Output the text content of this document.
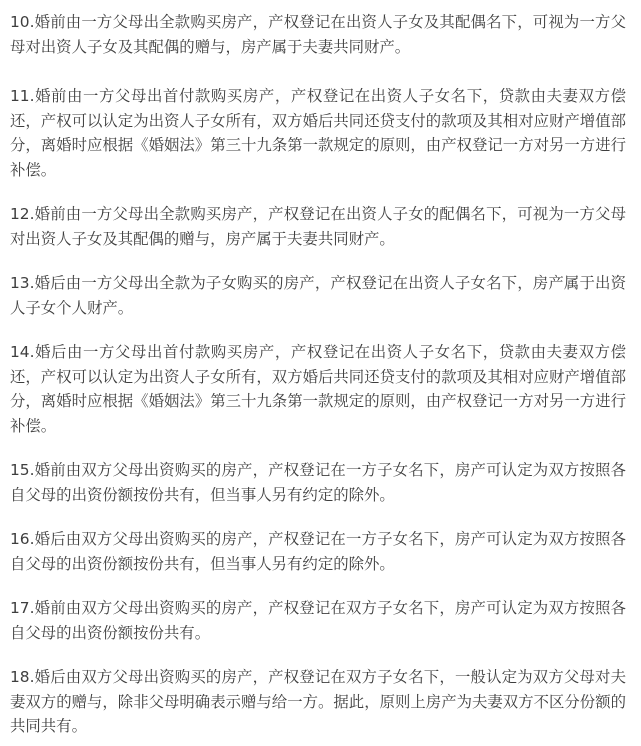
10.婚前由一方父母出全款购买房产，产权登记在出资人子女及其配偶名下，可视为一方父母对出资人子女及其配偶的赠与，房产属于夫妻共同财产。

11.婚前由一方父母出首付款购买房产，产权登记在出资人子女名下，贷款由夫妻双方偿还，产权可以认定为出资人子女所有，双方婚后共同还贷支付的款项及其相对应财产增值部分，离婚时应根据《婚姻法》第三十九条第一款规定的原则，由产权登记一方对另一方进行补偿。

12.婚前由一方父母出全款购买房产，产权登记在出资人子女的配偶名下，可视为一方父母对出资人子女及其配偶的赠与，房产属于夫妻共同财产。

13.婚后由一方父母出全款为子女购买的房产，产权登记在出资人子女名下，房产属于出资人子女个人财产。

14.婚后由一方父母出首付款购买房产，产权登记在出资人子女名下，贷款由夫妻双方偿还，产权可以认定为出资人子女所有，双方婚后共同还贷支付的款项及其相对应财产增值部分，离婚时应根据《婚姻法》第三十九条第一款规定的原则，由产权登记一方对另一方进行补偿。

15.婚前由双方父母出资购买的房产，产权登记在一方子女名下，房产可认定为双方按照各自父母的出资份额按份共有，但当事人另有约定的除外。

16.婚后由双方父母出资购买的房产，产权登记在一方子女名下，房产可认定为双方按照各自父母的出资份额按份共有，但当事人另有约定的除外。

17.婚前由双方父母出资购买的房产，产权登记在双方子女名下，房产可认定为双方按照各自父母的出资份额按份共有。

18.婚后由双方父母出资购买的房产，产权登记在双方子女名下，一般认定为双方父母对夫妻双方的赠与，除非父母明确表示赠与给一方。据此，原则上房产为夫妻双方不区分份额的共同共有。
